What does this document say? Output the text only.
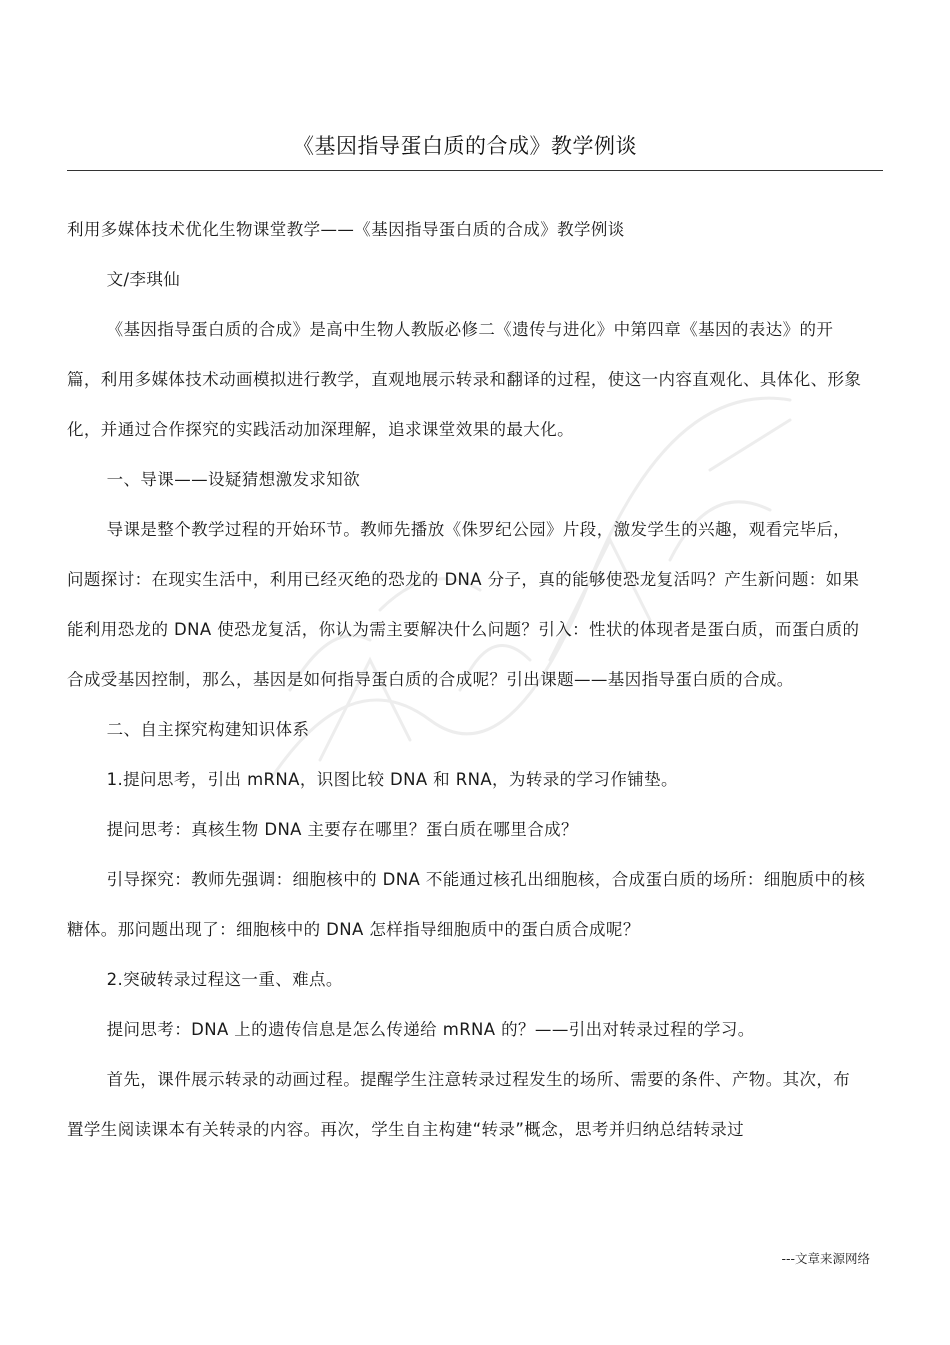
《基因指导蛋白质的合成》教学例谈

利用多媒体技术优化生物课堂教学——《基因指导蛋白质的合成》教学例谈

文/李琪仙

《基因指导蛋白质的合成》是高中生物人教版必修二《遗传与进化》中第四章《基因的表达》的开篇，利用多媒体技术动画模拟进行教学，直观地展示转录和翻译的过程，使这一内容直观化、具体化、形象化，并通过合作探究的实践活动加深理解，追求课堂效果的最大化。

一、导课——设疑猜想激发求知欲

导课是整个教学过程的开始环节。教师先播放《侏罗纪公园》片段，激发学生的兴趣，观看完毕后，问题探讨：在现实生活中，利用已经灭绝的恐龙的 DNA 分子，真的能够使恐龙复活吗？产生新问题：如果能利用恐龙的 DNA 使恐龙复活，你认为需主要解决什么问题？引入：性状的体现者是蛋白质，而蛋白质的合成受基因控制，那么，基因是如何指导蛋白质的合成呢？引出课题——基因指导蛋白质的合成。

二、自主探究构建知识体系

1.提问思考，引出 mRNA，识图比较 DNA 和 RNA，为转录的学习作铺垫。

提问思考：真核生物 DNA 主要存在哪里？蛋白质在哪里合成？

引导探究：教师先强调：细胞核中的 DNA 不能通过核孔出细胞核，合成蛋白质的场所：细胞质中的核糖体。那问题出现了：细胞核中的 DNA 怎样指导细胞质中的蛋白质合成呢？

2.突破转录过程这一重、难点。

提问思考：DNA 上的遗传信息是怎么传递给 mRNA 的？——引出对转录过程的学习。

首先，课件展示转录的动画过程。提醒学生注意转录过程发生的场所、需要的条件、产物。其次，布置学生阅读课本有关转录的内容。再次，学生自主构建“转录”概念，思考并归纳总结转录过

---文章来源网络
